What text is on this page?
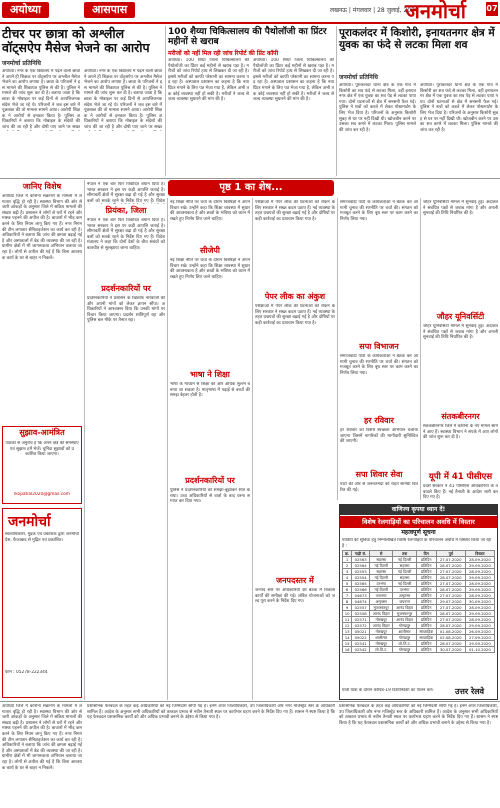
अयोध्या	आसपास	लखनऊ | मंगलवार | 28 जुलाई, 2020
जनमोर्चा	07
टीचर पर छात्रा को अश्लील वॉट्सऐप मैसेज भेजने का आरोप
जनमोर्चा प्रतिनिधि
अयोध्या। नगर के एक विद्यालय में पढ़ने वाली छात्रा ने अपने ही शिक्षक पर वॉट्सऐप पर अश्लील मैसेज भेजने का आरोप लगाया है। छात्रा के परिजनों ने इस मामले की शिकायत पुलिस से की है। पुलिस ने मामले की जांच शुरू कर दी है। बताया जाता है कि छात्रा के मोबाइल पर कई दिनों से आपत्तिजनक संदेश भेजे जा रहे थे। परिजनों ने जब इस बारे में पूछताछ की तो मामला सामने आया। आरोपी शिक्षक ने आरोपों से इनकार किया है। पुलिस अधिकारियों ने बताया कि मोबाइल के संदेशों की जांच की जा रही है और दोषी पाए जाने पर सख्त
अयोध्या। नगर के एक विद्यालय में पढ़ने वाली छात्रा ने अपने ही शिक्षक पर वॉट्सऐप पर अश्लील मैसेज भेजने का आरोप लगाया है। छात्रा के परिजनों ने इस मामले की शिकायत पुलिस से की है। पुलिस ने मामले की जांच शुरू कर दी है। बताया जाता है कि छात्रा के मोबाइल पर कई दिनों से आपत्तिजनक संदेश भेजे जा रहे थे। परिजनों ने जब इस बारे में पूछताछ की तो मामला सामने आया। आरोपी शिक्षक ने आरोपों से इनकार किया है। पुलिस अधिकारियों ने बताया कि मोबाइल के संदेशों की जांच की जा रही है और दोषी पाए जाने पर सख्त
100 शैय्या चिकित्सालय की पैथोलॉजी का प्रिंटर महीनों से खराब
मरीजों को नहीं मिल रही जांच रिपोर्ट की प्रिंट कॉपी
अयोध्या। 100 शैय्या जिला चिकित्सालय की पैथोलॉजी का प्रिंटर कई महीनों से खराब पड़ा है। मरीजों को जांच रिपोर्ट हाथ से लिखकर दी जा रही है। इससे मरीजों को काफी परेशानी का सामना करना पड़ रहा है। अस्पताल प्रशासन का कहना है कि नया प्रिंटर मंगाने के लिए पत्र भेजा गया है, लेकिन अभी तक कोई व्यवस्था नहीं हो सकी है। मरीजों ने जल्द से जल्द व्यवस्था सुधारने की मांग की है।
अयोध्या। 100 शैय्या जिला चिकित्सालय की पैथोलॉजी का प्रिंटर कई महीनों से खराब पड़ा है। मरीजों को जांच रिपोर्ट हाथ से लिखकर दी जा रही है। इससे मरीजों को काफी परेशानी का सामना करना पड़ रहा है। अस्पताल प्रशासन का कहना है कि नया प्रिंटर मंगाने के लिए पत्र भेजा गया है, लेकिन अभी तक कोई व्यवस्था नहीं हो सकी है। मरीजों ने जल्द से जल्द व्यवस्था सुधारने की मांग की है।
पूराकलंदर में किशोरी, इनायतनगर क्षेत्र में युवक का फंदे से लटका मिला शव
जनमोर्चा प्रतिनिधि
अयोध्या। पूराकलंदर थाना क्षेत्र के एक गांव में किशोरी का शव फंदे से लटका मिला, वहीं इनायतनगर क्षेत्र में एक युवक का शव पेड़ से लटका पाया गया। दोनों घटनाओं से क्षेत्र में सनसनी फैल गई। पुलिस ने शवों को कब्जे में लेकर पोस्टमार्टम के लिए भेज दिया है। परिजनों के अनुसार किशोरी सुबह से घर पर नहीं दिखी थी। खोजबीन करने पर उसका शव कमरे में लटका मिला। पुलिस मामले की जांच कर रही है।
अयोध्या। पूराकलंदर थाना क्षेत्र के एक गांव में किशोरी का शव फंदे से लटका मिला, वहीं इनायतनगर क्षेत्र में एक युवक का शव पेड़ से लटका पाया गया। दोनों घटनाओं से क्षेत्र में सनसनी फैल गई। पुलिस ने शवों को कब्जे में लेकर पोस्टमार्टम के लिए भेज दिया है। परिजनों के अनुसार किशोरी सुबह से घर पर नहीं दिखी थी। खोजबीन करने पर उसका शव कमरे में लटका मिला। पुलिस मामले की जांच कर रही है।
जानिए विशेष
अयोध्या जिले में कोरोना संक्रमण के मामलों में लगातार वृद्धि हो रही है। स्वास्थ्य विभाग की ओर से जारी आंकड़ों के अनुसार जिले में सक्रिय मामलों की संख्या बढ़ी है। प्रशासन ने लोगों से घरों में रहने और मास्क पहनने की अपील की है। बाजारों में भीड़ कम करने के लिए नियम लागू किए गए हैं। नगर निगम की टीम लगातार सैनिटाइजेशन का कार्य कर रही है। अधिकारियों ने बताया कि जांच की क्षमता बढ़ाई गई है और अस्पतालों में बेड की व्यवस्था की जा रही है। ग्रामीण क्षेत्रों में भी जागरूकता अभियान चलाया जा रहा है। लोगों से अपील की गई है कि बिना आवश्यक कार्य के घर से बाहर न निकलें।
सुझाव-आमंत्रित
पाठकों से अनुरोध है कि अपने क्षेत्र की समस्याएं एवं सुझाव हमें भेजें। चुनिंदा सुझावों को प्रकाशित किया जाएगा।
lkopatial2020@gmail.com
जनमोर्चा
स्वत्वाधिकारी, मुद्रक एवं प्रकाशक द्वारा जनमोर्चा प्रेस, फैजाबाद से मुद्रित एवं प्रकाशित।
फोन : 05278-222344
पृष्ठ 1 का शेष...
नेपाल ने एक बार फिर विवादित बयान दिया है। भारत सरकार ने इस पर कड़ी आपत्ति जताई है। सीमावर्ती क्षेत्रों में सुरक्षा बढ़ा दी गई है और सुरक्षा बलों को सतर्क रहने के निर्देश दिए गए हैं। विदेश
प्रियंका, जिला
नेपाल ने एक बार फिर विवादित बयान दिया है। भारत सरकार ने इस पर कड़ी आपत्ति जताई है। सीमावर्ती क्षेत्रों में सुरक्षा बढ़ा दी गई है और सुरक्षा बलों को सतर्क रहने के निर्देश दिए गए हैं। विदेश मंत्रालय ने कहा कि दोनों देशों के बीच संबंधों को बातचीत से सुलझाया जाना चाहिए।
प्रदर्शनकारियों पर
प्रदर्शनकारियों ने प्रशासन के खिलाफ नारेबाजी की और अपनी मांगों को लेकर ज्ञापन सौंपा। अधिकारियों ने आश्वासन दिया कि उनकी मांगों पर विचार किया जाएगा। प्रदर्शन शांतिपूर्ण रहा और पुलिस बल मौके पर तैनात रहा।
नई शिक्षा नीति पर चर्चा के दौरान विशेषज्ञों ने अपने विचार रखे। उन्होंने कहा कि शिक्षा व्यवस्था में सुधार की आवश्यकता है और छात्रों के भविष्य को ध्यान में रखते हुए निर्णय लिए जाने चाहिए।
सीजेपी
नई शिक्षा नीति पर चर्चा के दौरान विशेषज्ञों ने अपने विचार रखे। उन्होंने कहा कि शिक्षा व्यवस्था में सुधार की आवश्यकता है और छात्रों के भविष्य को ध्यान में रखते हुए निर्णय लिए जाने चाहिए।
भाषा ने शिक्षा
भाषा के माध्यम से शिक्षा को और अधिक सुलभ बनाया जा सकता है। मातृभाषा में पढ़ाई से बच्चों की समझ बेहतर होती है।
प्रदर्शनकारियों पर
पुलिस ने प्रदर्शनकारियों को समझा-बुझाकर शांत कराया। उच्च अधिकारियों से वार्ता के बाद धरना समाप्त कर दिया गया।
परीक्षाओं में पेपर लीक की घटनाओं को रोकने के लिए सरकार ने सख्त कदम उठाए हैं। नई व्यवस्था के तहत प्रश्नपत्रों की सुरक्षा बढ़ाई गई है और दोषियों पर कड़ी कार्रवाई का प्रावधान किया गया है।
पेपर लीक का अंकुश
परीक्षाओं में पेपर लीक की घटनाओं को रोकने के लिए सरकार ने सख्त कदम उठाए हैं। नई व्यवस्था के तहत प्रश्नपत्रों की सुरक्षा बढ़ाई गई है और दोषियों पर कड़ी कार्रवाई का प्रावधान किया गया है।
जनपदस्तर में
जनपद स्तर पर अधिकारियों की बैठक में विकास कार्यों की समीक्षा की गई। लंबित योजनाओं को जल्द पूरा करने के निर्देश दिए गए।
समाजवादी पार्टी के कार्यकर्ताओं ने बैठक कर आगामी चुनाव की रणनीति पर चर्चा की। संगठन को मजबूत करने के लिए बूथ स्तर पर काम करने का निर्णय लिया गया।
सपा विभाजन
समाजवादी पार्टी के कार्यकर्ताओं ने बैठक कर आगामी चुनाव की रणनीति पर चर्चा की। संगठन को मजबूत करने के लिए बूथ स्तर पर काम करने का निर्णय लिया गया।
हर रविवार
हर रविवार को विशेष स्वच्छता अभियान चलाया जाएगा जिसमें नागरिकों की भागीदारी सुनिश्चित की जाएगी।
सपा शिवार सेवा
पार्टी की ओर से जरूरतमंदों को राहत सामग्री वितरित की गई।
जौहर यूनिवर्सिटी मामले में सुनवाई हुई। अदालत ने संबंधित पक्षों से जवाब मांगा है और अगली सुनवाई की तिथि निर्धारित की है।
जौहर यूनिवर्सिटी
जौहर यूनिवर्सिटी मामले में सुनवाई हुई। अदालत ने संबंधित पक्षों से जवाब मांगा है और अगली सुनवाई की तिथि निर्धारित की है।
संतकबीरनगर
संतकबीरनगर जिले में कोरोना के नए मामले सामने आए हैं। स्वास्थ्य विभाग ने संपर्क में आए लोगों की जांच शुरू कर दी है।
यूपी में 41 पीसीएस
प्रदेश सरकार ने 41 पीसीएस अधिकारियों के तबादले किए हैं। नई तैनाती के आदेश जारी कर दिए गए हैं।
वाणिज्य कृपया ध्यान दें!
विशेष रेलगाड़ियों का परिचालन अवधि में विस्तार
महत्वपूर्ण सूचना
यात्रियों की सुविधा हेतु निम्नलिखित विशेष रेलगाड़ियों के परिचालन अवधि में विस्तार किया जा रहा है :
क्र.	गाड़ी सं.	से	तक	दिन	पूर्व	विस्तार
1	02563	सहरसा	नई दिल्ली	प्रतिदिन	27.07.2020	28.09.2020
2	02564	नई दिल्ली	सहरसा	प्रतिदिन	28.07.2020	29.09.2020
3	02553	सहरसा	नई दिल्ली	प्रतिदिन	27.07.2020	28.09.2020
4	02554	नई दिल्ली	सहरसा	प्रतिदिन	28.07.2020	29.09.2020
5	02565	दरभंगा	नई दिल्ली	प्रतिदिन	27.07.2020	28.09.2020
6	02566	नई दिल्ली	दरभंगा	प्रतिदिन	28.07.2020	29.09.2020
7	04673	जयनगर	अमृतसर	प्रतिदिन	27.07.2020	28.09.2020
8	04674	अमृतसर	जयनगर	प्रतिदिन	29.07.2020	30.09.2020
9	02557	मुजफ्फरपुर	आनंद विहार	प्रतिदिन	27.07.2020	28.09.2020
10	02558	आनंद विहार	मुजफ्फरपुर	प्रतिदिन	28.07.2020	29.09.2020
11	02571	गोरखपुर	आनंद विहार	प्रतिदिन	27.07.2020	28.09.2020
12	02572	आनंद विहार	गोरखपुर	प्रतिदिन	28.07.2020	29.09.2020
13	05021	गोरखपुर	शालीमार	साप्ताहिक	01.08.2020	26.09.2020
14	05022	शालीमार	गोरखपुर	साप्ताहिक	02.08.2020	27.09.2020
15	02541	गोरखपुर	लो.ति.ट.	प्रतिदिन	28.07.2020	29.09.2020
16	02542	लो.ति.ट.	गोरखपुर	प्रतिदिन	30.07.2020	01.10.2020
यात्री यात्रा के दौरान कोविड-19 दिशानिर्देशों का पालन करें।	उत्तर रेलवे
प्रशासनिक फेरबदल के तहत कई अधिकारियों को नई जिम्मेदारी सौंपी गई है। इनमें अपर जिलाधिकारी, उप जिलाधिकारी और नगर मजिस्ट्रेट स्तर के अधिकारी शामिल हैं। आदेश के अनुसार सभी अधिकारियों को तत्काल प्रभाव से नवीन तैनाती स्थल पर कार्यभार ग्रहण करने के निर्देश दिए गए हैं। शासन ने स्पष्ट किया है कि यह फेरबदल प्रशासनिक कार्यों को और अधिक प्रभावी बनाने के उद्देश्य से किया गया है।
प्रशासनिक फेरबदल के तहत कई अधिकारियों को नई जिम्मेदारी सौंपी गई है। इनमें अपर जिलाधिकारी, उप जिलाधिकारी और नगर मजिस्ट्रेट स्तर के अधिकारी शामिल हैं। आदेश के अनुसार सभी अधिकारियों को तत्काल प्रभाव से नवीन तैनाती स्थल पर कार्यभार ग्रहण करने के निर्देश दिए गए हैं। शासन ने स्पष्ट किया है कि यह फेरबदल प्रशासनिक कार्यों को और अधिक प्रभावी बनाने के उद्देश्य से किया गया है।
अयोध्या जिले में कोरोना संक्रमण के मामलों में लगातार वृद्धि हो रही है। स्वास्थ्य विभाग की ओर से जारी आंकड़ों के अनुसार जिले में सक्रिय मामलों की संख्या बढ़ी है। प्रशासन ने लोगों से घरों में रहने और मास्क पहनने की अपील की है। बाजारों में भीड़ कम करने के लिए नियम लागू किए गए हैं। नगर निगम की टीम लगातार सैनिटाइजेशन का कार्य कर रही है। अधिकारियों ने बताया कि जांच की क्षमता बढ़ाई गई है और अस्पतालों में बेड की व्यवस्था की जा रही है। ग्रामीण क्षेत्रों में भी जागरूकता अभियान चलाया जा रहा है। लोगों से अपील की गई है कि बिना आवश्यक कार्य के घर से बाहर न निकलें।
